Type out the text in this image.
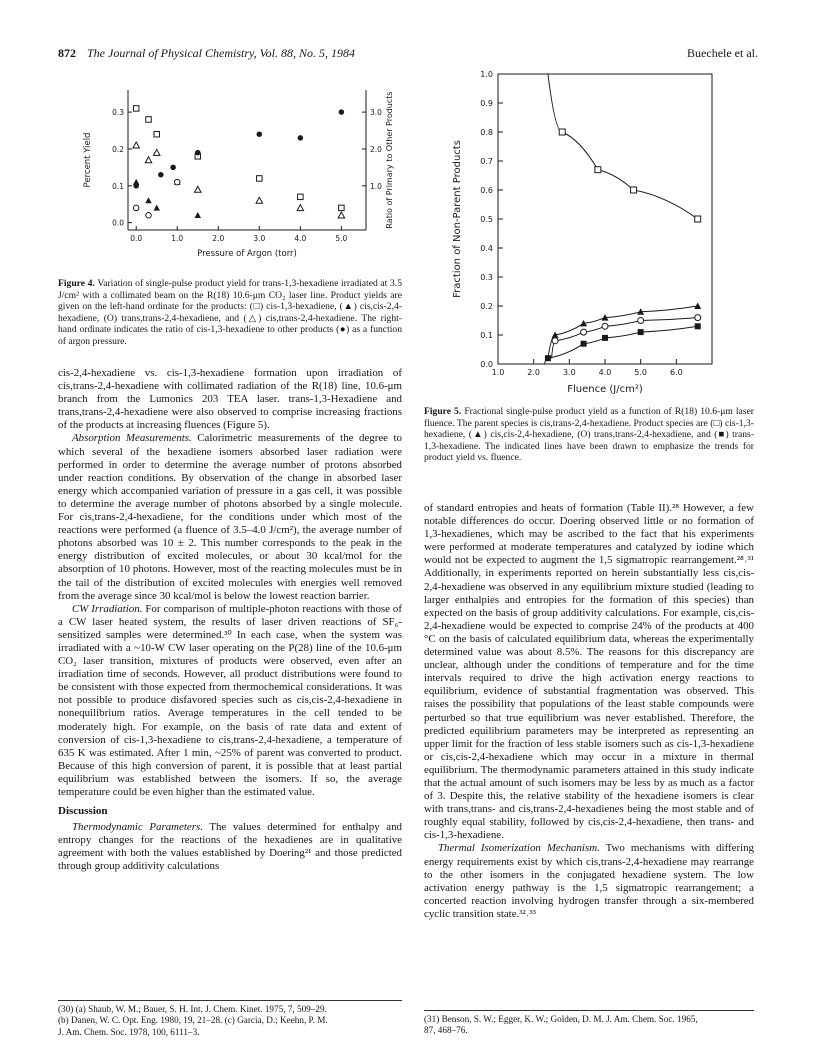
872 The Journal of Physical Chemistry, Vol. 88, No. 5, 1984	Buechele et al.
0.0	1.0	2.0	3.0	4.0	5.0
0.0
0.1
0.2
0.3
1.0
2.0
3.0
Pressure of Argon (torr)
Percent Yield	Ratio of Primary to Other Products
Figure 4. Variation of single-pulse product yield for trans-1,3-hexadiene irradiated at 3.5 J/cm² with a collimated beam on the R(18) 10.6-μm CO₂ laser line. Product yields are given on the left-hand ordinate for the products: (□) cis-1,3-hexadiene, (▲) cis,cis-2,4-hexadiene, (O) trans,trans-2,4-hexadiene, and (△) cis,trans-2,4-hexadiene. The right-hand ordinate indicates the ratio of cis-1,3-hexadiene to other products (●) as a function of argon pressure.
1.0	2.0	3.0	4.0	5.0	6.0
0.0
0.1
0.2
0.3
0.4
0.5
0.6
0.7
0.8
0.9
1.0
Fluence (J/cm²)
Fraction of Non-Parent Products
Figure 5. Fractional single-pulse product yield as a function of R(18) 10.6-μm laser fluence. The parent species is cis,trans-2,4-hexadiene. Product species are (□) cis-1,3-hexadiene, (▲) cis,cis-2,4-hexadiene, (O) trans,trans-2,4-hexadiene, and (■) trans-1,3-hexadiene. The indicated lines have been drawn to emphasize the trends for product yield vs. fluence.

cis-2,4-hexadiene vs. cis-1,3-hexadiene formation upon irradiation of cis,trans-2,4-hexadiene with collimated radiation of the R(18) line, 10.6-μm branch from the Lumonics 203 TEA laser. trans-1,3-Hexadiene and trans,trans-2,4-hexadiene were also observed to comprise increasing fractions of the products at increasing fluences (Figure 5).

Absorption Measurements. Calorimetric measurements of the degree to which several of the hexadiene isomers absorbed laser radiation were performed in order to determine the average number of protons absorbed under reaction conditions. By observation of the change in absorbed laser energy which accompanied variation of pressure in a gas cell, it was possible to determine the average number of photons absorbed by a single molecule. For cis,trans-2,4-hexadiene, for the conditions under which most of the reactions were performed (a fluence of 3.5–4.0 J/cm²), the average number of photons absorbed was 10 ± 2. This number corresponds to the peak in the energy distribution of excited molecules, or about 30 kcal/mol for the absorption of 10 photons. However, most of the reacting molecules must be in the tail of the distribution of excited molecules with energies well removed from the average since 30 kcal/mol is below the lowest reaction barrier.

CW Irradiation. For comparison of multiple-photon reactions with those of a CW laser heated system, the results of laser driven reactions of SF₆-sensitized samples were determined.³⁰ In each case, when the system was irradiated with a ~10-W CW laser operating on the P(28) line of the 10.6-μm CO₂ laser transition, mixtures of products were observed, even after an irradiation time of seconds. However, all product distributions were found to be consistent with those expected from thermochemical considerations. It was not possible to produce disfavored species such as cis,cis-2,4-hexadiene in nonequilibrium ratios. Average temperatures in the cell tended to be moderately high. For example, on the basis of rate data and extent of conversion of cis-1,3-hexadiene to cis,trans-2,4-hexadiene, a temperature of 635 K was estimated. After 1 min, ~25% of parent was converted to product. Because of this high conversion of parent, it is possible that at least partial equilibrium was established between the isomers. If so, the average temperature could be even higher than the estimated value.

Discussion

Thermodynamic Parameters. The values determined for enthalpy and entropy changes for the reactions of the hexadienes are in qualitative agreement with both the values established by Doering²¹ and those predicted through group additivity calculations

of standard entropies and heats of formation (Table II).²⁸ However, a few notable differences do occur. Doering observed little or no formation of 1,3-hexadienes, which may be ascribed to the fact that his experiments were performed at moderate temperatures and catalyzed by iodine which would not be expected to augment the 1,5 sigmatropic rearrangement.²⁸˒³¹ Additionally, in experiments reported on herein substantially less cis,cis-2,4-hexadiene was observed in any equilibrium mixture studied (leading to larger enthalpies and entropies for the formation of this species) than expected on the basis of group additivity calculations. For example, cis,cis-2,4-hexadiene would be expected to comprise 24% of the products at 400 °C on the basis of calculated equilibrium data, whereas the experimentally determined value was about 8.5%. The reasons for this discrepancy are unclear, although under the conditions of temperature and for the time intervals required to drive the high activation energy reactions to equilibrium, evidence of substantial fragmentation was observed. This raises the possibility that populations of the least stable compounds were perturbed so that true equilibrium was never established. Therefore, the predicted equilibrium parameters may be interpreted as representing an upper limit for the fraction of less stable isomers such as cis-1,3-hexadiene or cis,cis-2,4-hexadiene which may occur in a mixture in thermal equilibrium. The thermodynamic parameters attained in this study indicate that the actual amount of such isomers may be less by as much as a factor of 3. Despite this, the relative stability of the hexadiene isomers is clear with trans,trans- and cis,trans-2,4-hexadienes being the most stable and of roughly equal stability, followed by cis,cis-2,4-hexadiene, then trans- and cis-1,3-hexadiene.

Thermal Isomerization Mechanism. Two mechanisms with differing energy requirements exist by which cis,trans-2,4-hexadiene may rearrange to the other isomers in the conjugated hexadiene system. The low activation energy pathway is the 1,5 sigmatropic rearrangement; a concerted reaction involving hydrogen transfer through a six-membered cyclic transition state.³²˒³³

(30) (a) Shaub, W. M.; Bauer, S. H. Int. J. Chem. Kinet. 1975, 7, 509–29.
(b) Danen, W. C. Opt. Eng. 1980, 19, 21–28. (c) Garcia, D.; Keehn, P. M.
J. Am. Chem. Soc. 1978, 100, 6111–3.
(31) Benson, S. W.; Egger, K. W.; Golden, D. M. J. Am. Chem. Soc. 1965,
87, 468–76.
